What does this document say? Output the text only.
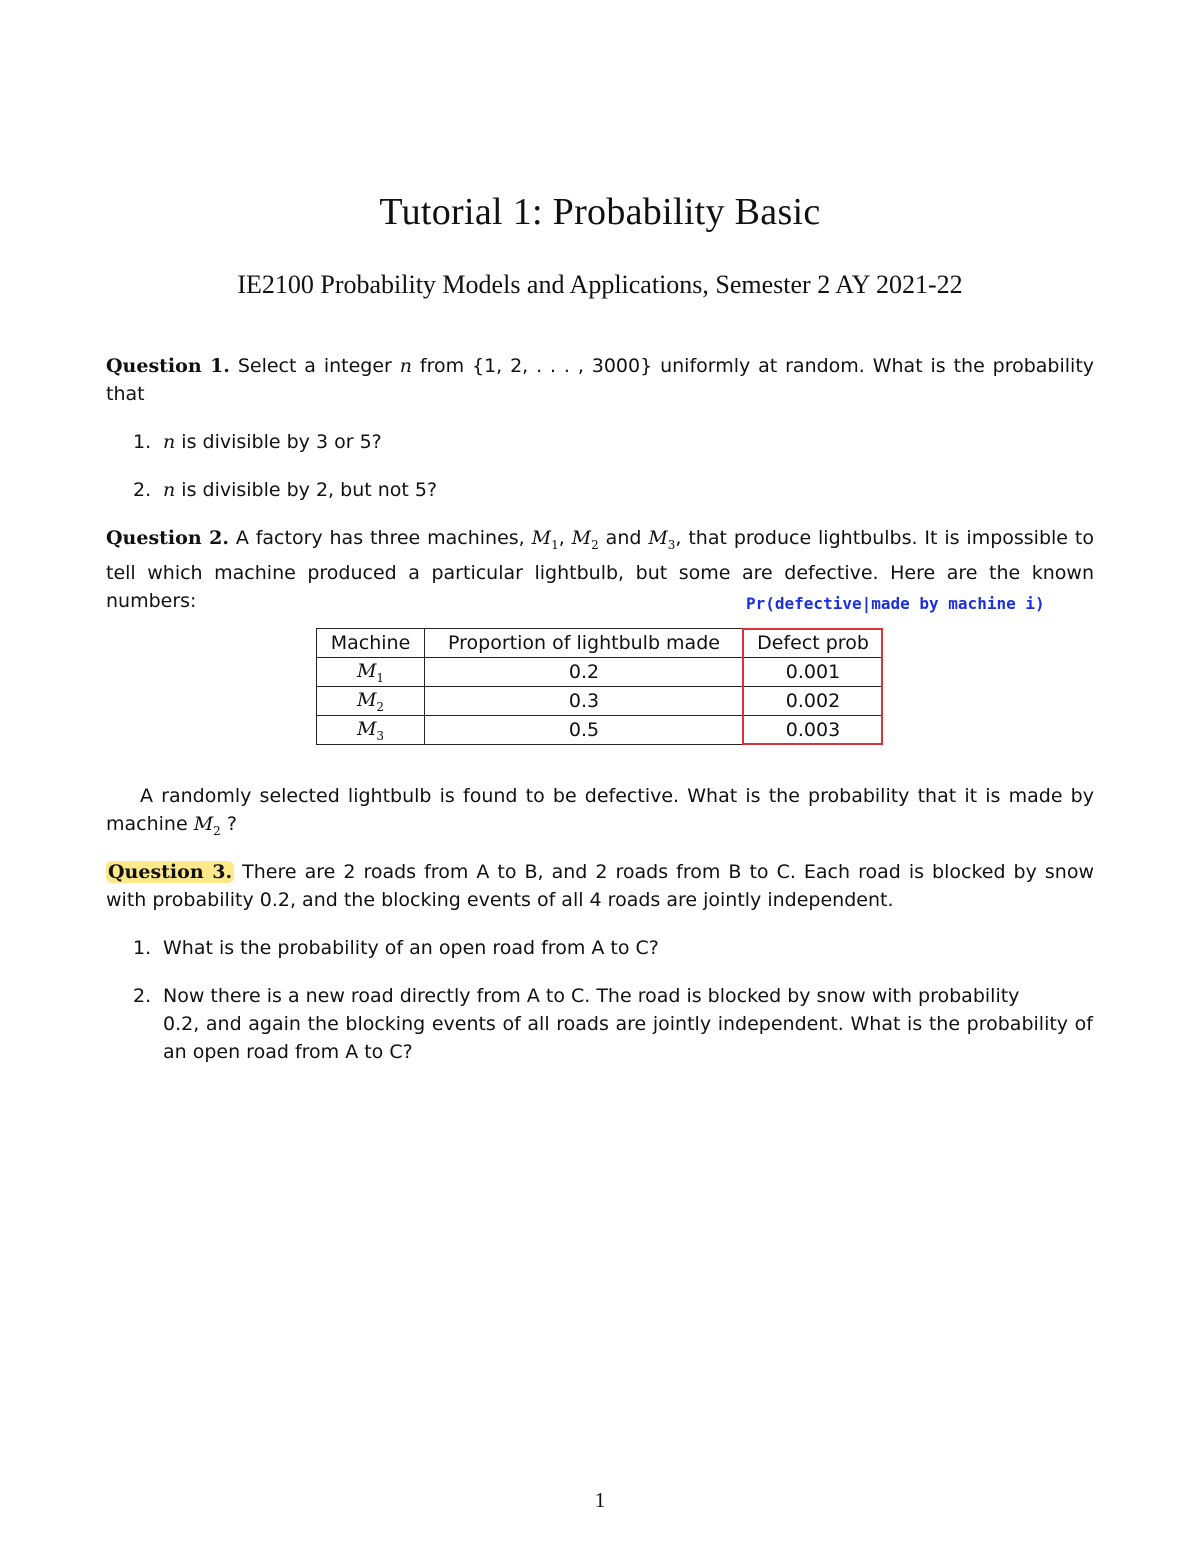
Tutorial 1: Probability Basic
IE2100 Probability Models and Applications, Semester 2 AY 2021-22
Question 1. Select a integer n from {1, 2, . . . , 3000} uniformly at random. What is the probability that
1. n is divisible by 3 or 5?
2. n is divisible by 2, but not 5?
Question 2. A factory has three machines, $M_1$, $M_2$ and $M_3$, that produce lightbulbs. It is impossible to tell which machine produced a particular lightbulb, but some are defective. Here are the known numbers:	Pr(defective|made by machine i)
Machine	Proportion of lightbulb made	Defect prob
$M_1$	0.2	0.001
$M_2$	0.3	0.002
$M_3$	0.5	0.003
A randomly selected lightbulb is found to be defective. What is the probability that it is made by machine $M_2$ ?
Question 3. There are 2 roads from A to B, and 2 roads from B to C. Each road is blocked by snow with probability 0.2, and the blocking events of all 4 roads are jointly independent.
1. What is the probability of an open road from A to C?
2. Now there is a new road directly from A to C. The road is blocked by snow with probability
0.2, and again the blocking events of all roads are jointly independent. What is the probability of an open road from A to C?
1
